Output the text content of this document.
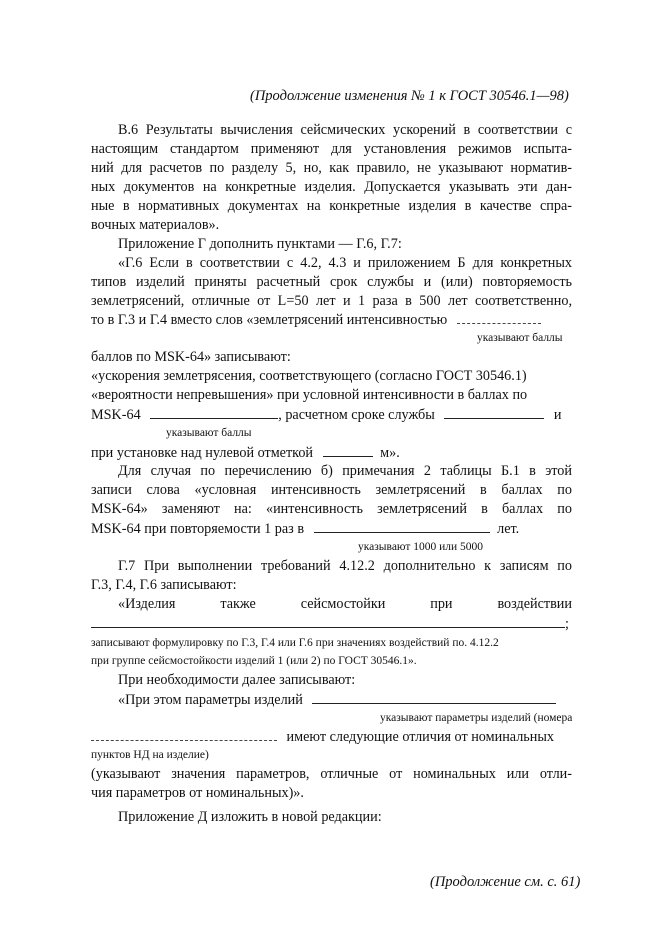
(Продолжение изменения № 1 к ГОСТ 30546.1—98)
В.6 Результаты вычисления сейсмических ускорений в соответствии с
настоящим стандартом применяют для установления режимов испыта-
ний для расчетов по разделу 5, но, как правило, не указывают норматив-
ных документов на конкретные изделия. Допускается указывать эти дан-
ные в нормативных документах на конкретные изделия в качестве спра-
вочных материалов».
Приложение Г дополнить пунктами — Г.6, Г.7:
«Г.6 Если в соответствии с 4.2, 4.3 и приложением Б для конкретных
типов изделий приняты расчетный срок службы и (или) повторяемость
землетрясений, отличные от L=50 лет и 1 раза в 500 лет соответственно,
то в Г.3 и Г.4 вместо слов «землетрясений интенсивностью
указывают баллы
баллов по MSK-64» записывают:
«ускорения землетрясения, соответствующего (согласно ГОСТ 30546.1)
«вероятности непревышения» при условной интенсивности в баллах по
MSK-64	, расчетном сроке службы	и
указывают баллы
при установке над нулевой отметкой	м».
Для случая по перечислению б) примечания 2 таблицы Б.1 в этой
записи слова «условная интенсивность землетрясений в баллах по
MSK-64» заменяют на: «интенсивность землетрясений в баллах по
MSK-64 при повторяемости 1 раз в	лет.
указывают 1000 или 5000
Г.7 При выполнении требований 4.12.2 дополнительно к записям по
Г.3, Г.4, Г.6 записывают:
«Изделия также сейсмостойки при воздействии
;
записывают формулировку по Г.3, Г.4 или Г.6 при значениях воздействий по. 4.12.2
при группе сейсмостойкости изделий 1 (или 2) по ГОСТ 30546.1».
При необходимости далее записывают:
«При этом параметры изделий
указывают параметры изделий (номера
имеют следующие отличия от номинальных
пунктов НД на изделие)
(указывают значения параметров, отличные от номинальных или отли-
чия параметров от номинальных)».
Приложение Д изложить в новой редакции:
(Продолжение см. с. 61)
